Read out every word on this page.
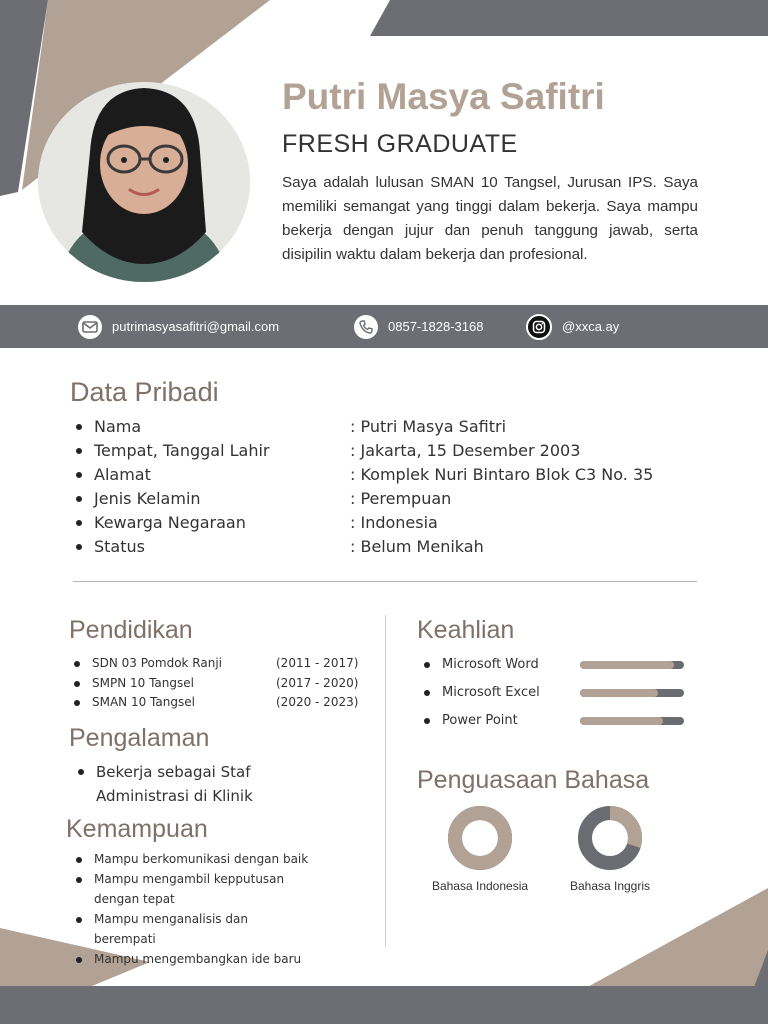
Putri Masya Safitri
FRESH GRADUATE

Saya adalah lulusan SMAN 10 Tangsel, Jurusan IPS. Saya memiliki semangat yang tinggi dalam bekerja. Saya mampu bekerja dengan jujur dan penuh tanggung jawab, serta disipilin waktu dalam bekerja dan profesional.

putrimasyasafitri@gmail.com	0857-1828-3168	@xxca.ay
Data Pribadi
Nama	: Putri Masya Safitri
Tempat, Tanggal Lahir	: Jakarta, 15 Desember 2003
Alamat	: Komplek Nuri Bintaro Blok C3 No. 35
Jenis Kelamin	: Perempuan
Kewarga Negaraan	: Indonesia
Status	: Belum Menikah
Pendidikan
SDN 03 Pomdok Ranji	(2011 - 2017)
SMPN 10 Tangsel	(2017 - 2020)
SMAN 10 Tangsel	(2020 - 2023)
Pengalaman
Bekerja sebagai Staf Administrasi di Klinik
Kemampuan
Mampu berkomunikasi dengan baik
Mampu mengambil kepputusan dengan tepat
Mampu menganalisis dan berempati
Mampu mengembangkan ide baru
Keahlian
Microsoft Word
Microsoft Excel
Power Point
Penguasaan Bahasa
Bahasa Indonesia	Bahasa Inggris
